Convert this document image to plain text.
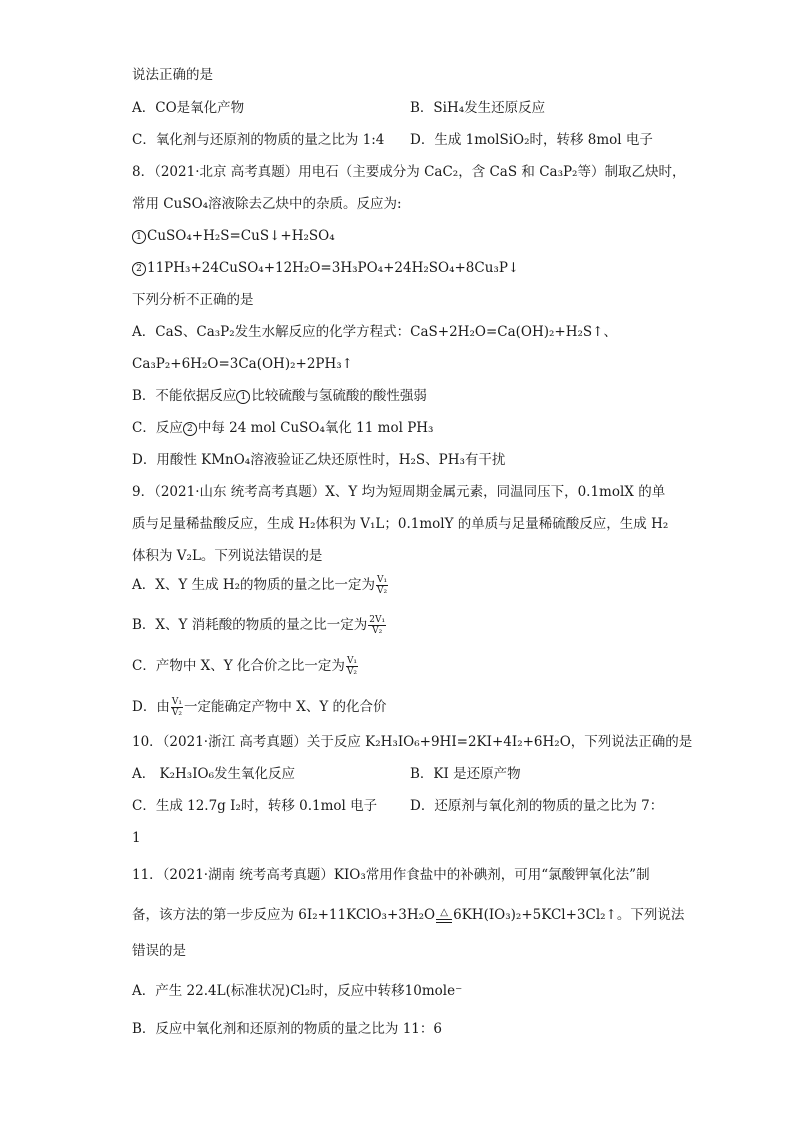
说法正确的是
A．CO是氧化产物	B．SiH₄发生还原反应
C．氧化剂与还原剂的物质的量之比为 1:4 D．生成 1molSiO₂时，转移 8mol 电子
8．（2021·北京 高考真题）用电石（主要成分为 CaC₂，含 CaS 和 Ca₃P₂等）制取乙炔时，
常用 CuSO₄溶液除去乙炔中的杂质。反应为:
1 CuSO₄+H₂S=CuS↓+H₂SO₄
2 11PH₃+24CuSO₄+12H₂O=3H₃PO₄+24H₂SO₄+8Cu₃P↓
下列分析不正确的是
A．CaS、Ca₃P₂发生水解反应的化学方程式：CaS+2H₂O=Ca(OH)₂+H₂S↑、
Ca₃P₂+6H₂O=3Ca(OH)₂+2PH₃↑
B．不能依据反应 1 比较硫酸与氢硫酸的酸性强弱
C．反应 2 中每 24 mol CuSO₄氧化 11 mol PH₃
D．用酸性 KMnO₄溶液验证乙炔还原性时，H₂S、PH₃有干扰
9．（2021·山东 统考高考真题）X、Y 均为短周期金属元素，同温同压下，0.1molX 的单
质与足量稀盐酸反应，生成 H₂体积为 V₁L；0.1molY 的单质与足量稀硫酸反应，生成 H₂
体积为 V₂L。下列说法错误的是
A．X、Y 生成 H₂的物质的量之比一定为 $\frac{\text{V₁}}{\text{V₂}}$
B．X、Y 消耗酸的物质的量之比一定为 $\frac{\text{2V₁}}{\text{V₂}}$
C．产物中 X、Y 化合价之比一定为 $\frac{\text{V₁}}{\text{V₂}}$
D．由 $\frac{\text{V₁}}{\text{V₂}}$ 一定能确定产物中 X、Y 的化合价
10．（2021·浙江 高考真题）关于反应 K₂H₃IO₆+9HI=2KI+4I₂+6H₂O，下列说法正确的是
A． K₂H₃IO₆发生氧化反应	B．KI 是还原产物
C．生成 12.7g I₂时，转移 0.1mol 电子 D．还原剂与氧化剂的物质的量之比为 7：
1
11．（2021·湖南 统考高考真题）KIO₃常用作食盐中的补碘剂，可用“氯酸钾氧化法”制
备，该方法的第一步反应为 6I₂+11KClO₃+3H₂O △ 6KH(IO₃)₂+5KCl+3Cl₂↑。下列说法
错误的是
A．产生 22.4L(标准状况)Cl₂时，反应中转移10mole⁻
B．反应中氧化剂和还原剂的物质的量之比为 11：6
